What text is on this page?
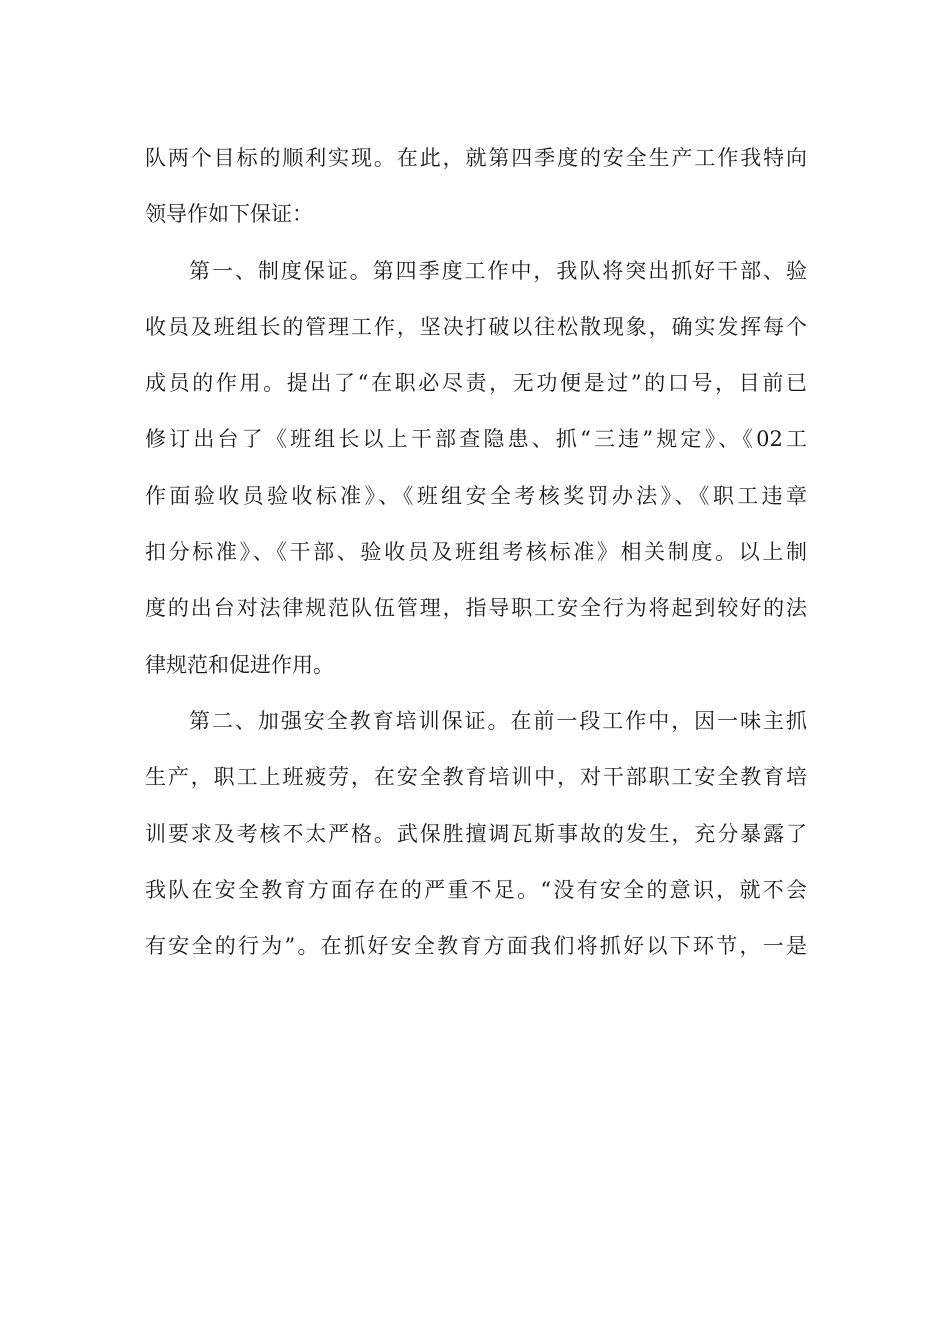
队两个目标的顺利实现。在此，就第四季度的安全生产工作我特向
领导作如下保证：
第一、制度保证。第四季度工作中，我队将突出抓好干部、验
收员及班组长的管理工作，坚决打破以往松散现象，确实发挥每个
成员的作用。提出了“在职必尽责，无功便是过”的口号，目前已
修订出台了《班组长以上干部查隐患、抓“三违”规定》、《02工
作面验收员验收标准》、《班组安全考核奖罚办法》、《职工违章
扣分标准》、《干部、验收员及班组考核标准》相关制度。以上制
度的出台对法律规范队伍管理，指导职工安全行为将起到较好的法
律规范和促进作用。
第二、加强安全教育培训保证。在前一段工作中，因一味主抓
生产，职工上班疲劳，在安全教育培训中，对干部职工安全教育培
训要求及考核不太严格。武保胜擅调瓦斯事故的发生，充分暴露了
我队在安全教育方面存在的严重不足。“没有安全的意识，就不会
有安全的行为”。在抓好安全教育方面我们将抓好以下环节，一是
